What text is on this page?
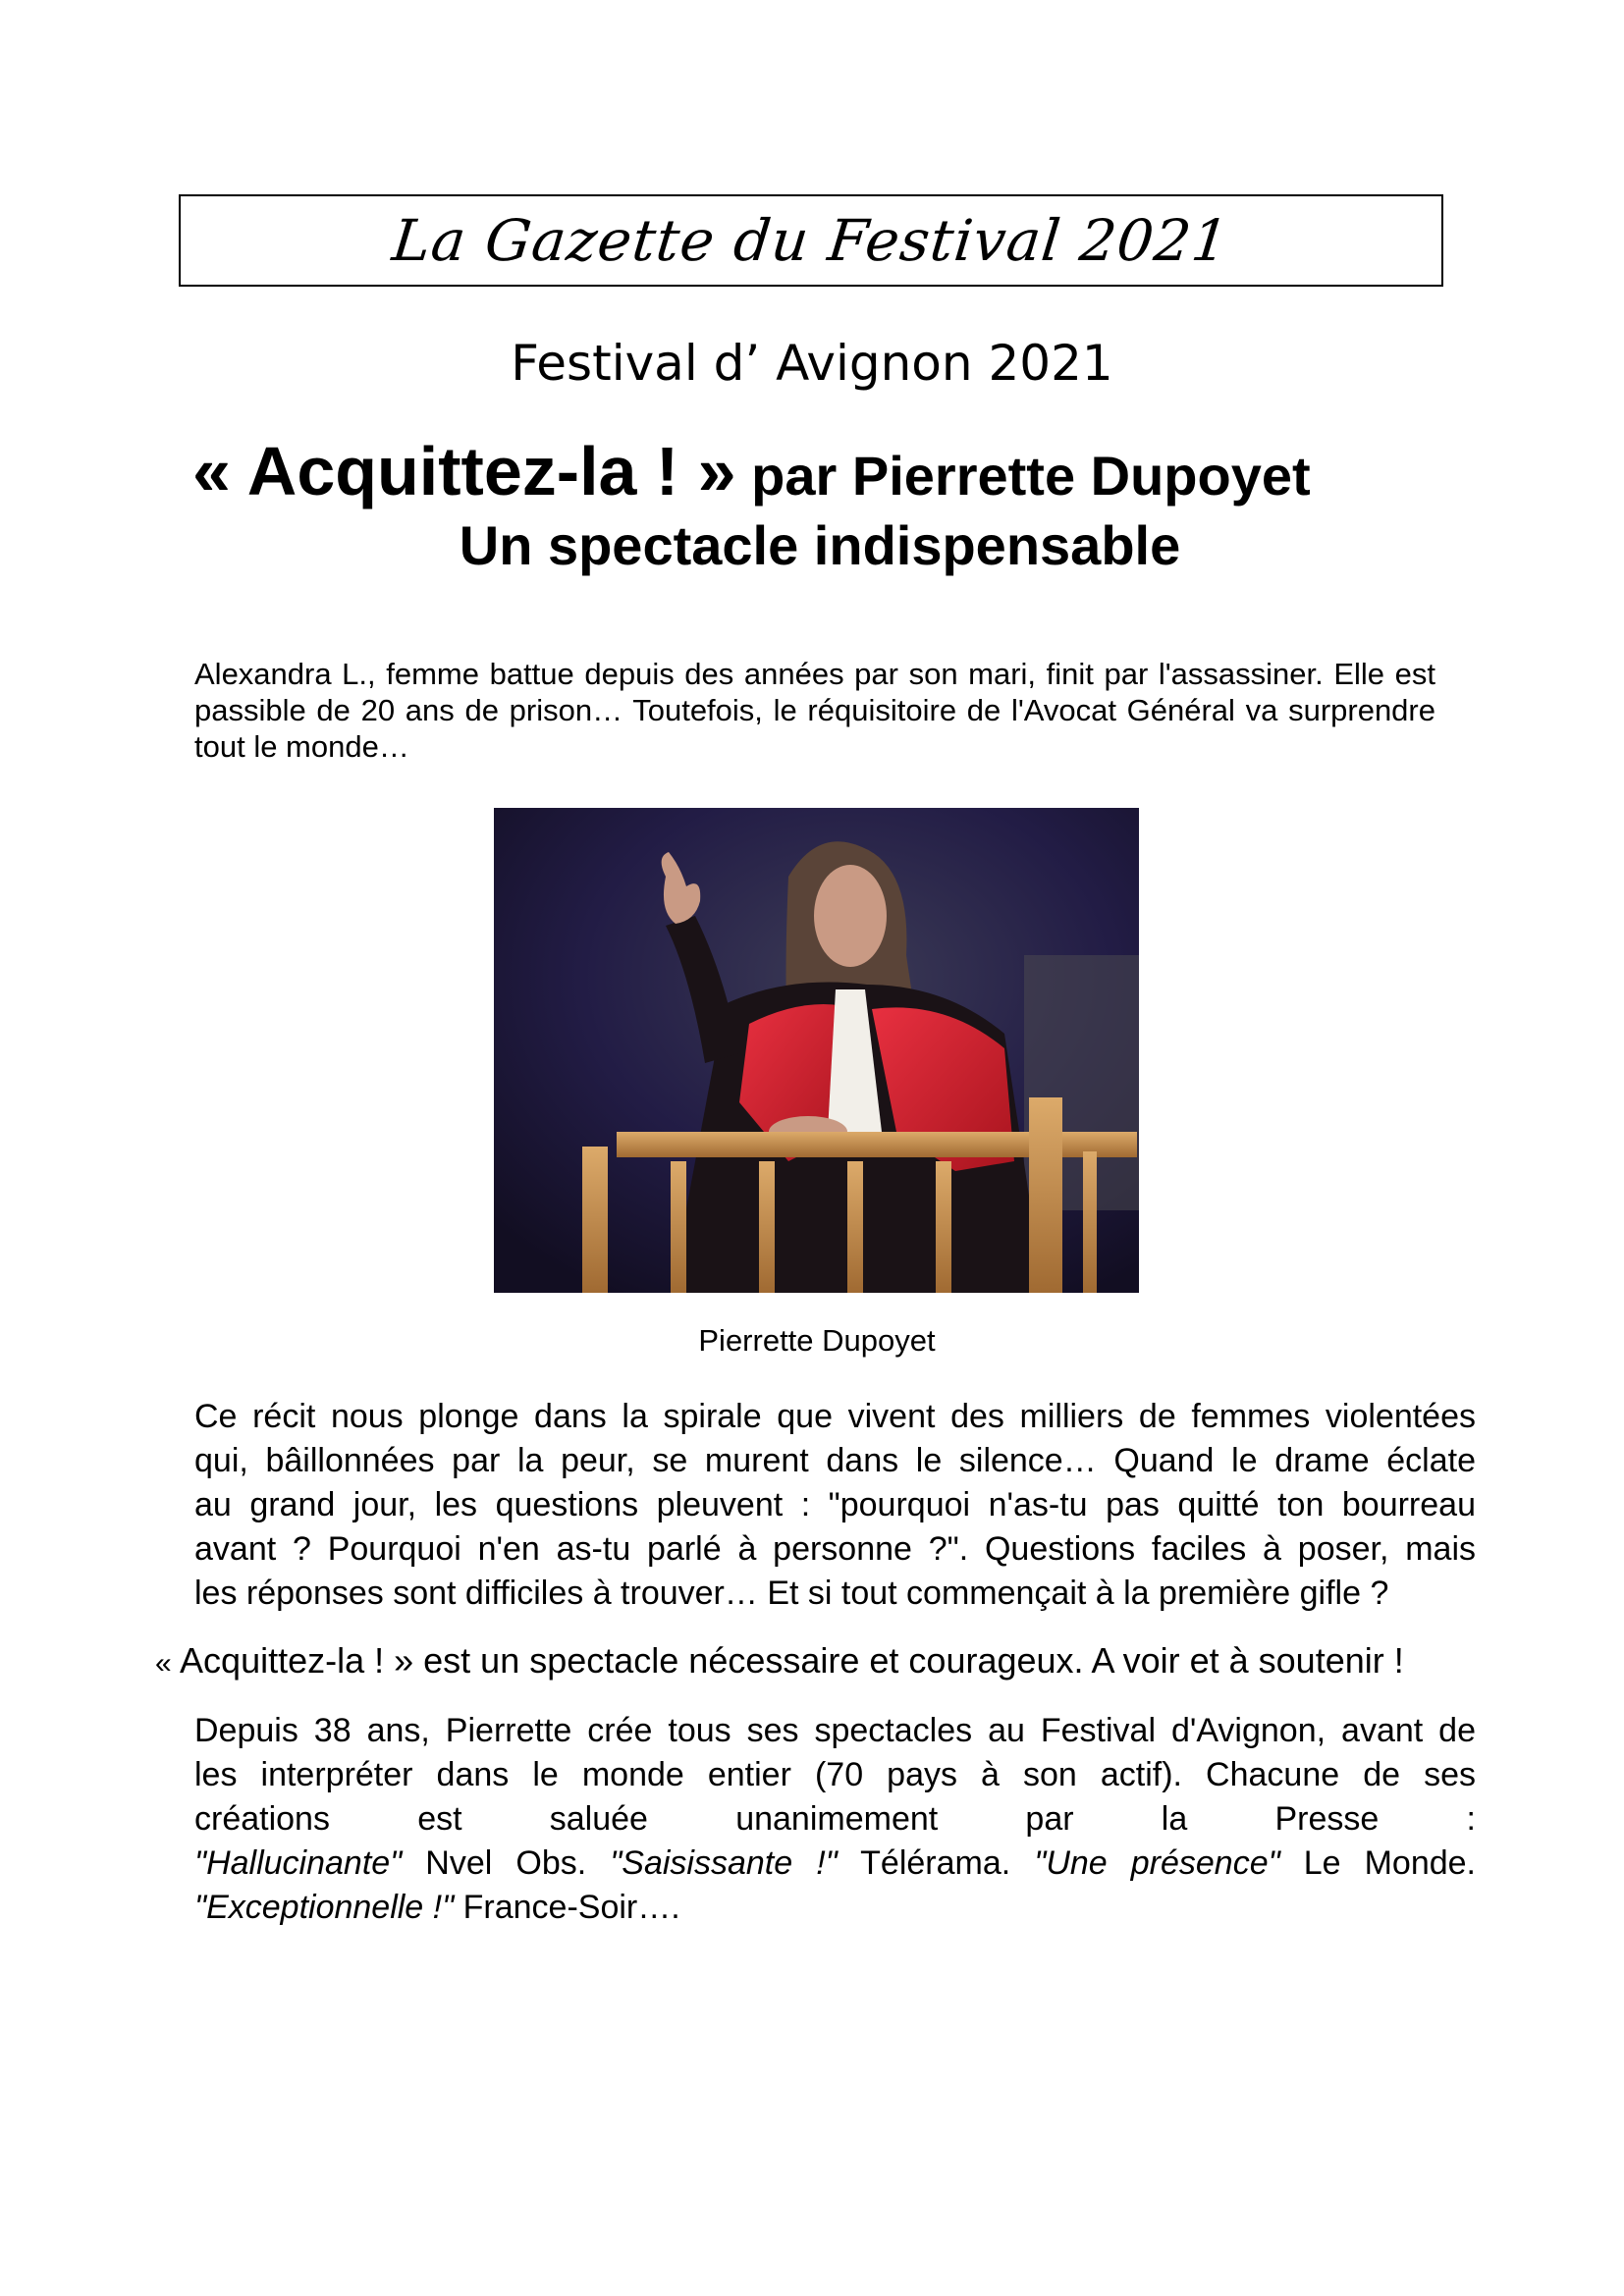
La Gazette du Festival 2021
Festival d’ Avignon 2021
« Acquittez-la ! » par Pierrette Dupoyet
Un spectacle indispensable
Alexandra L., femme battue depuis des années par son mari, finit par l'assassiner. Elle est passible de 20 ans de prison… Toutefois, le réquisitoire de l'Avocat Général va surprendre tout le monde…
Pierrette Dupoyet
Ce récit nous plonge dans la spirale que vivent des milliers de femmes violentées
qui, bâillonnées par la peur, se murent dans le silence… Quand le drame éclate
au grand jour, les questions pleuvent : "pourquoi n'as-tu pas quitté ton bourreau
avant ? Pourquoi n'en as-tu parlé à personne ?". Questions faciles à poser, mais
les réponses sont difficiles à trouver… Et si tout commençait à la première gifle ?
« Acquittez-la ! » est un spectacle nécessaire et courageux. A voir et à soutenir !
Depuis 38 ans, Pierrette crée tous ses spectacles au Festival d'Avignon, avant de
les interpréter dans le monde entier (70 pays à son actif). Chacune de ses
créations est saluée unanimement par la Presse :
"Hallucinante" Nvel Obs. "Saisissante !" Télérama. "Une présence" Le Monde.
"Exceptionnelle !" France-Soir….
